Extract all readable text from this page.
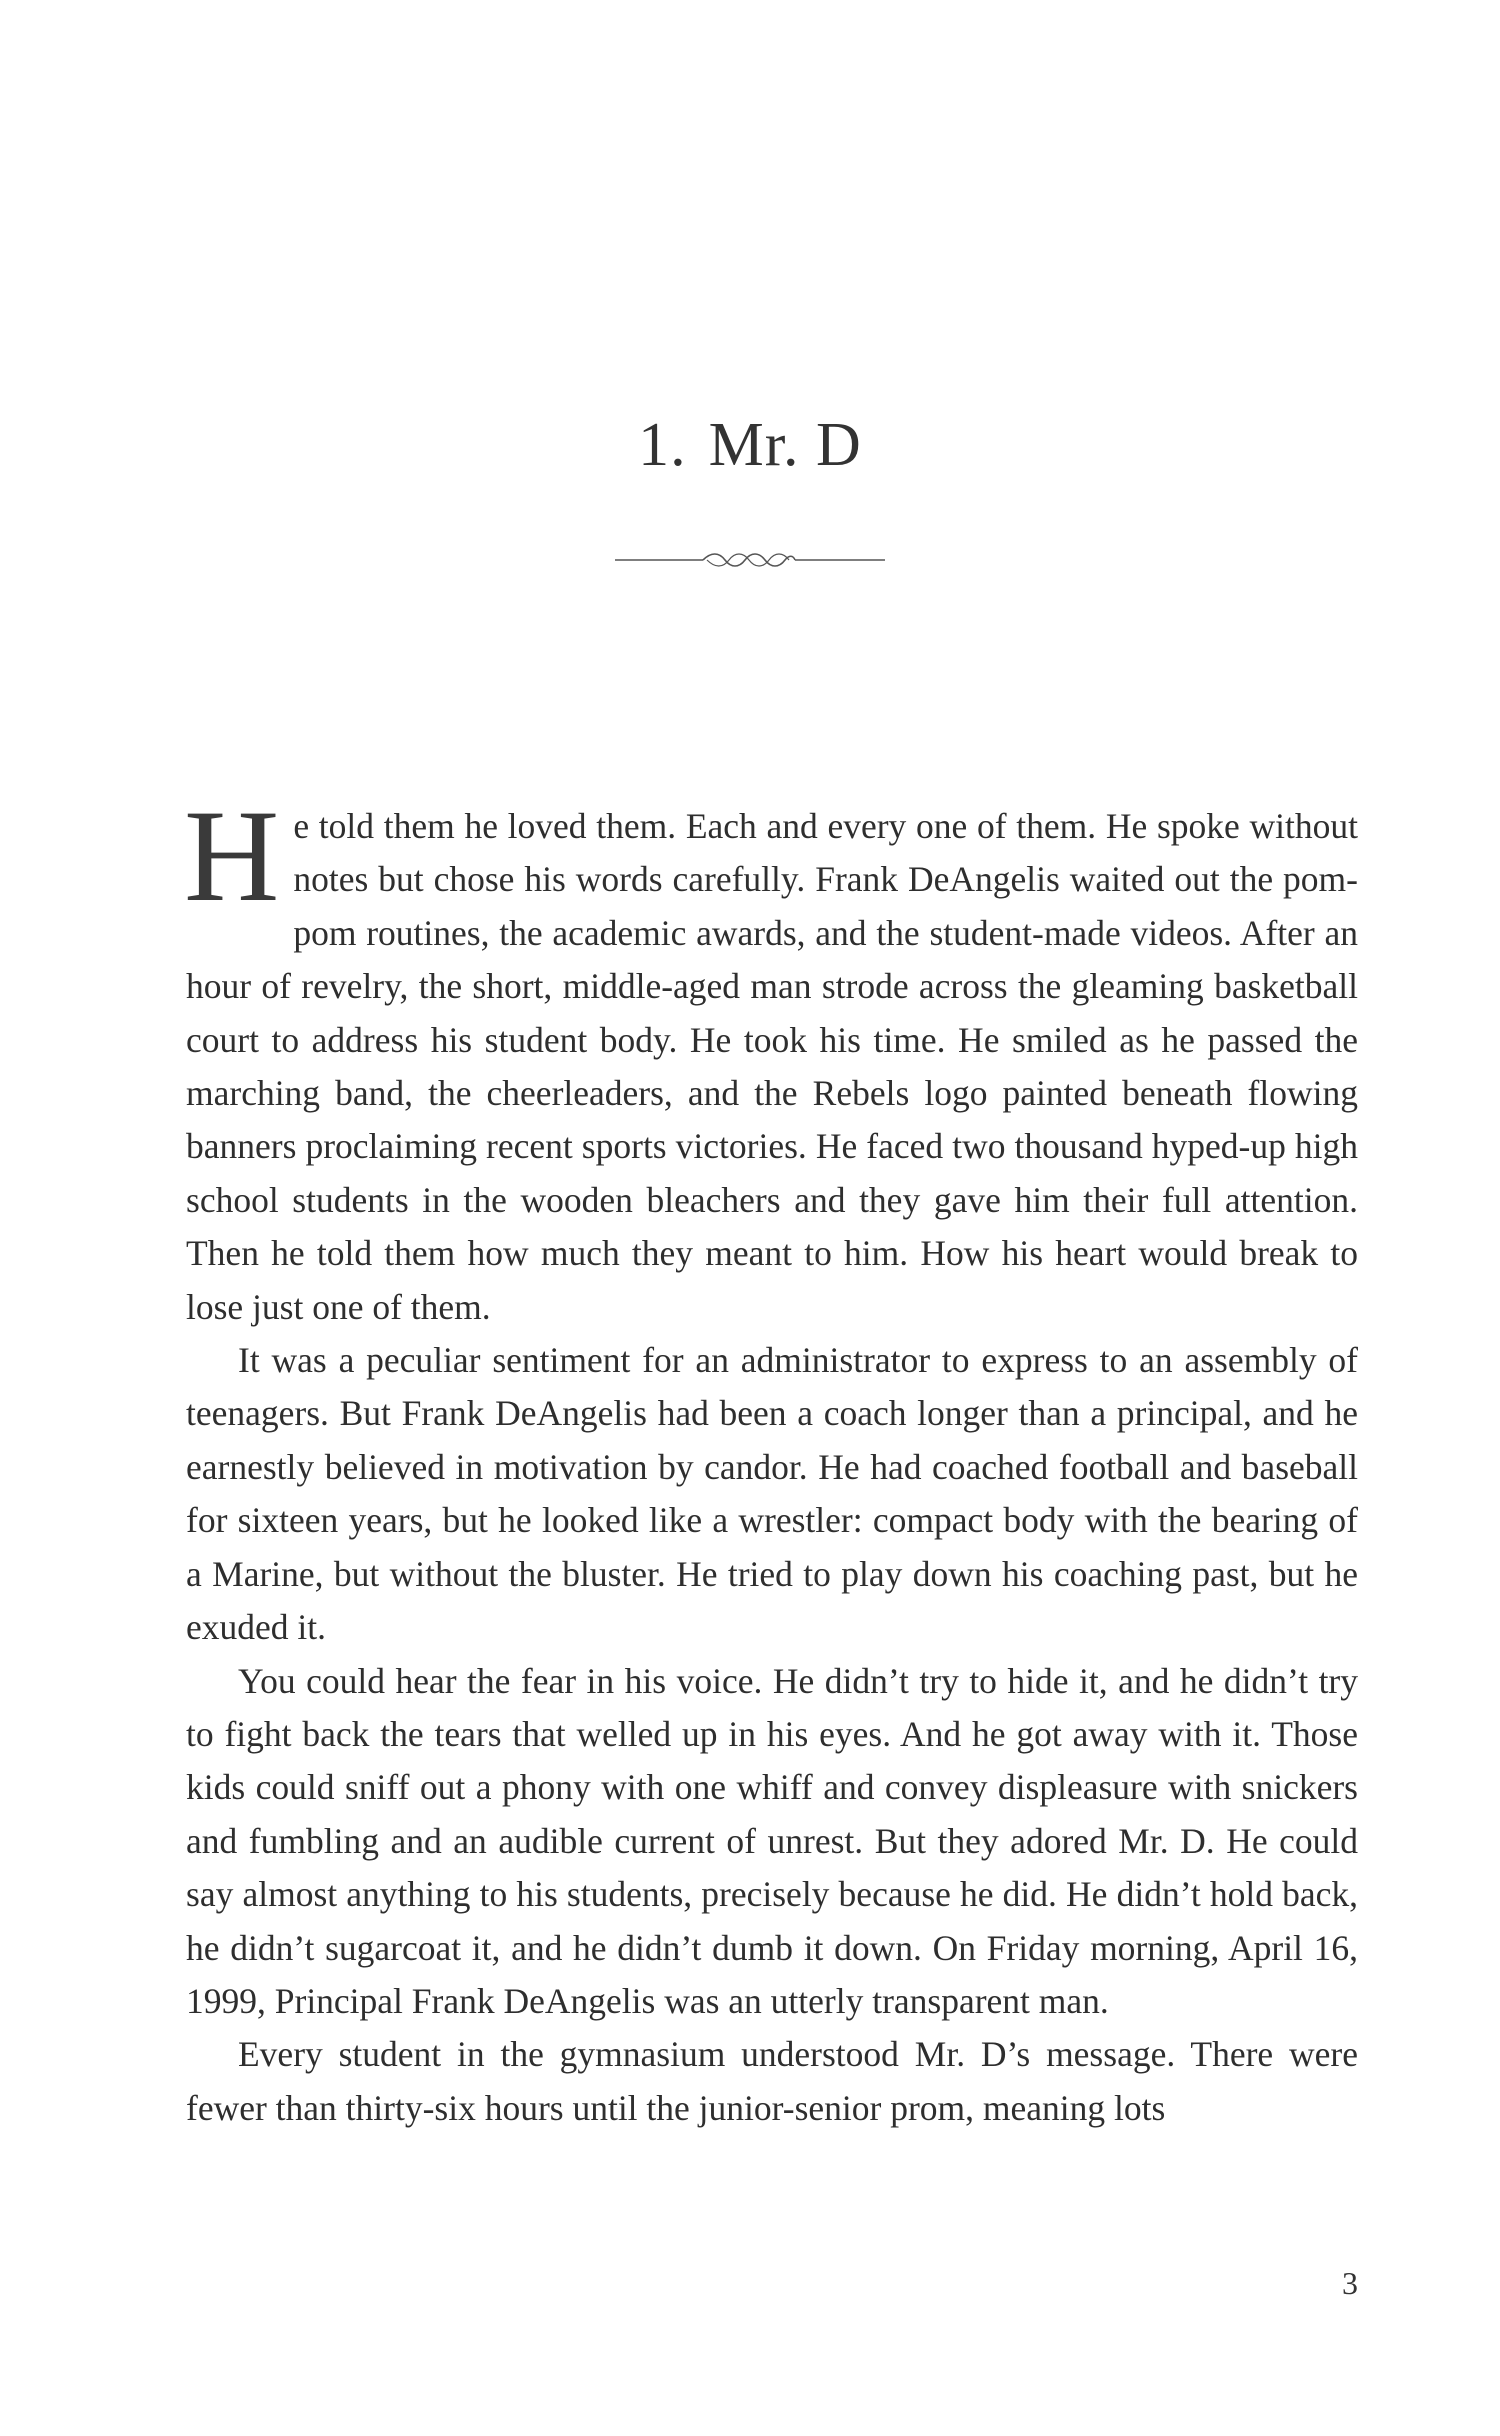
1. Mr. D

He told them he loved them. Each and every one of them. He spoke without notes but chose his words carefully. Frank DeAngelis waited out the pom-pom routines, the academic awards, and the student-made videos. After an hour of revelry, the short, middle-aged man strode across the gleaming basketball court to address his student body. He took his time. He smiled as he passed the marching band, the cheerleaders, and the Rebels logo painted beneath flowing banners proclaiming recent sports victories. He faced two thousand hyped-up high school students in the wooden bleachers and they gave him their full attention. Then he told them how much they meant to him. How his heart would break to lose just one of them.

It was a peculiar sentiment for an administrator to express to an assembly of teenagers. But Frank DeAngelis had been a coach longer than a principal, and he earnestly believed in motivation by candor. He had coached football and baseball for sixteen years, but he looked like a wrestler: compact body with the bearing of a Marine, but without the bluster. He tried to play down his coaching past, but he exuded it.

You could hear the fear in his voice. He didn’t try to hide it, and he didn’t try to fight back the tears that welled up in his eyes. And he got away with it. Those kids could sniff out a phony with one whiff and convey displeasure with snickers and fumbling and an audible current of unrest. But they adored Mr. D. He could say almost anything to his students, precisely because he did. He didn’t hold back, he didn’t sugarcoat it, and he didn’t dumb it down. On Friday morning, April 16, 1999, Principal Frank DeAngelis was an utterly transparent man.

Every student in the gymnasium understood Mr. D’s message. There were fewer than thirty-six hours until the junior-senior prom, meaning lots

3
